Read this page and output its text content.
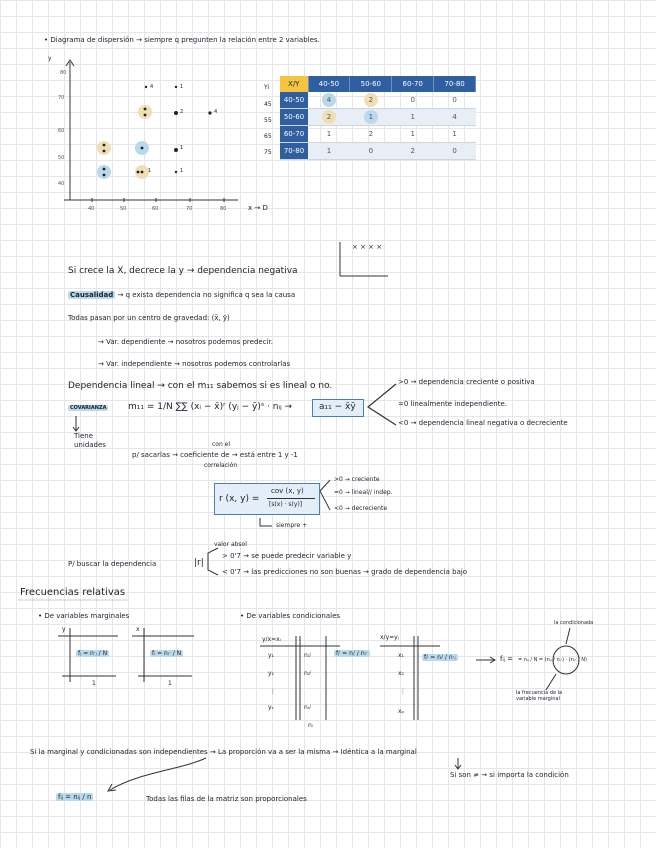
• Diagrama de dispersión → siempre q pregunten la relación entre 2 variables.
y
80
70
60
50
40
40	50	60	70	80	x → D
4	1
2
1
4
1
1
Yi
45
55
65
75
X/Y	40-50	50-60	60-70	70-80
40-50	4	2	0	0
50-60	2	1	1	4
60-70	1	2	1	1
70-80	1	0	2	0
Si crece la X, decrece la y → dependencia negativa
× × × ×
Causalidad → q exista dependencia no significa q sea la causa
Todas pasan por un centro de gravedad: (x̄, ȳ)
→ Var. dependiente → nosotros podemos predecir.
→ Var. independiente → nosotros podemos controlarlas
Dependencia lineal → con el m₁₁ sabemos si es lineal o no.
COVARIANZA m₁₁ = 1/N ∑∑ (xᵢ − x̄)ʳ (yⱼ − ȳ)ˢ · nᵢⱼ →	a₁₁ − x̄ȳ
>0 → dependencia creciente o positiva
=0 linealmente independiente.
<0 → dependencia lineal negativa o decreciente
Tiene unidades	con el
p/ sacarlas → coeficiente de → está entre 1 y -1
correlación
r (x, y) =
cov (x, y)
[s(x) · s(y)]
>0 → creciente
=0 → lineal// indep.
<0 → decreciente
siempre +
valor absol
P/ buscar la dependencia	|r|
> 0'7 → se puede predecir variable y
< 0'7 → las predicciones no son buenas → grado de dependencia bajo
Frecuencias relativas
• De variables marginales	• De variables condicionales
y	x
fⱼ = n·ⱼ / N	fᵢ = nᵢ· / N
1	1
y/x=xᵢ
y₁
y₂
⋮
yₛ
n₁ʲ
n₂ʲ
nₛʲ
nᵢ
fⱼⁱ = nⱼⁱ / nᵢ·
x/y=yⱼ
x₁
x₂
⋮
xₚ
fᵢʲ = nᵢʲ / n·ⱼ	fᵢⱼ = = nᵢⱼ / N = (nᵢⱼ / nᵢ·) · (nᵢ· / N)
la condicionada
la frecuencia de la variable marginal
Si la marginal y condicionadas son independientes → La proporción va a ser la misma → Idéntica a la marginal
Si son ≠ → si importa la condición
fᵢⱼ = nᵢⱼ / n	Todas las filas de la matriz son proporcionales
